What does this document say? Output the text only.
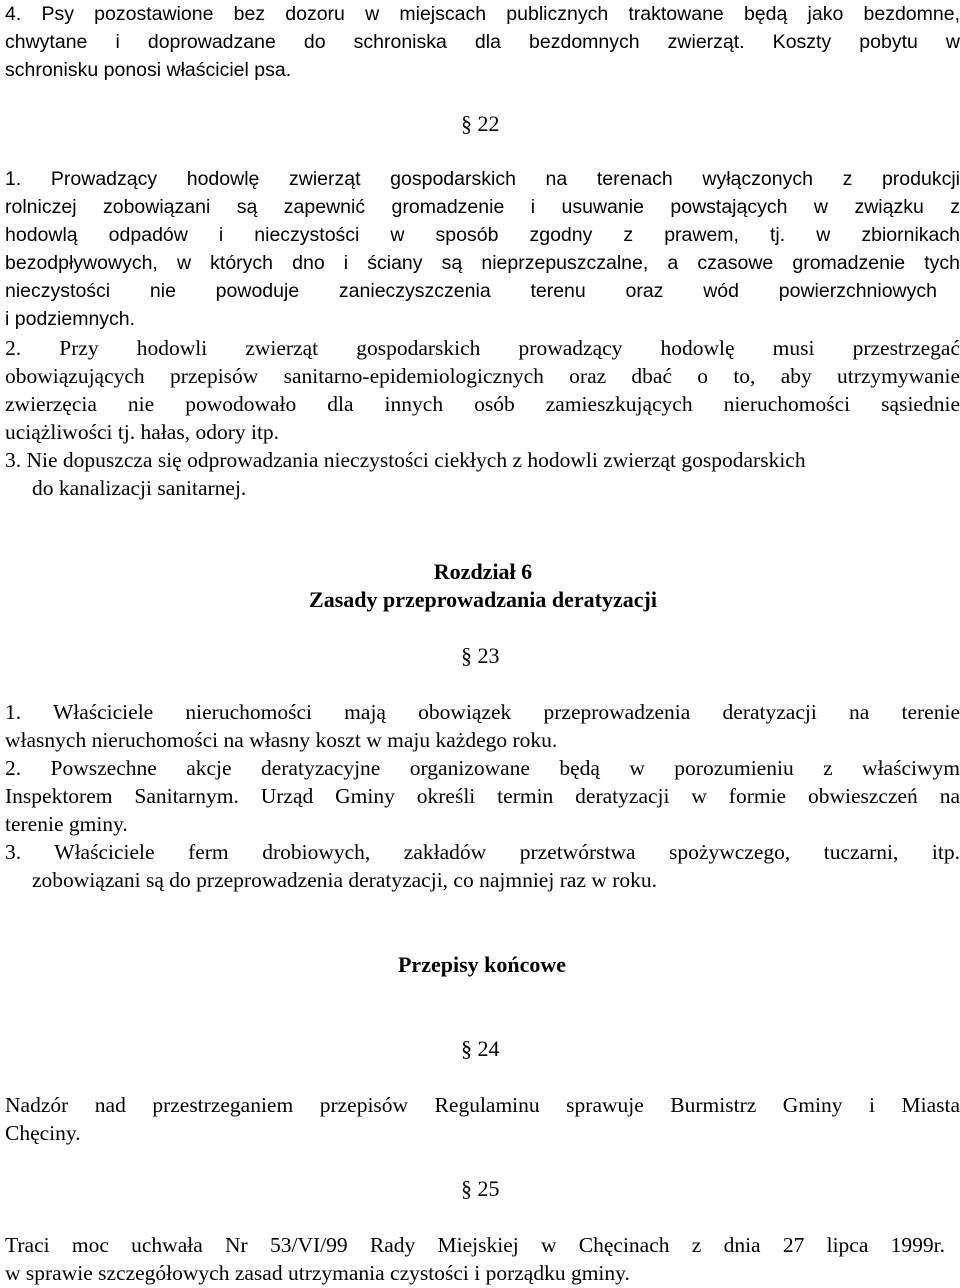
4. Psy pozostawione bez dozoru w miejscach publicznych traktowane będą jako bezdomne,
chwytane i doprowadzane do schroniska dla bezdomnych zwierząt. Koszty pobytu w
schronisku ponosi właściciel psa.
§ 22
1. Prowadzący hodowlę zwierząt gospodarskich na terenach wyłączonych z produkcji
rolniczej zobowiązani są zapewnić gromadzenie i usuwanie powstających w związku z
hodowlą odpadów i nieczystości w sposób zgodny z prawem, tj. w zbiornikach
bezodpływowych, w których dno i ściany są nieprzepuszczalne, a czasowe gromadzenie tych
nieczystości nie powoduje zanieczyszczenia terenu oraz wód powierzchniowych
i podziemnych.
2. Przy hodowli zwierząt gospodarskich prowadzący hodowlę musi przestrzegać
obowiązujących przepisów sanitarno-epidemiologicznych oraz dbać o to, aby utrzymywanie
zwierzęcia nie powodowało dla innych osób zamieszkujących nieruchomości sąsiednie
uciążliwości tj. hałas, odory itp.
3. Nie dopuszcza się odprowadzania nieczystości ciekłych z hodowli zwierząt gospodarskich
do kanalizacji sanitarnej.
Rozdział 6
Zasady przeprowadzania deratyzacji
§ 23
1. Właściciele nieruchomości mają obowiązek przeprowadzenia deratyzacji na terenie
własnych nieruchomości na własny koszt w maju każdego roku.
2. Powszechne akcje deratyzacyjne organizowane będą w porozumieniu z właściwym
Inspektorem Sanitarnym. Urząd Gminy określi termin deratyzacji w formie obwieszczeń na
terenie gminy.
3. Właściciele ferm drobiowych, zakładów przetwórstwa spożywczego, tuczarni, itp.
zobowiązani są do przeprowadzenia deratyzacji, co najmniej raz w roku.
Przepisy końcowe
§ 24
Nadzór nad przestrzeganiem przepisów Regulaminu sprawuje Burmistrz Gminy i Miasta
Chęciny.
§ 25
Traci moc uchwała Nr 53/VI/99 Rady Miejskiej w Chęcinach z dnia 27 lipca 1999r.
w sprawie szczegółowych zasad utrzymania czystości i porządku gminy.
